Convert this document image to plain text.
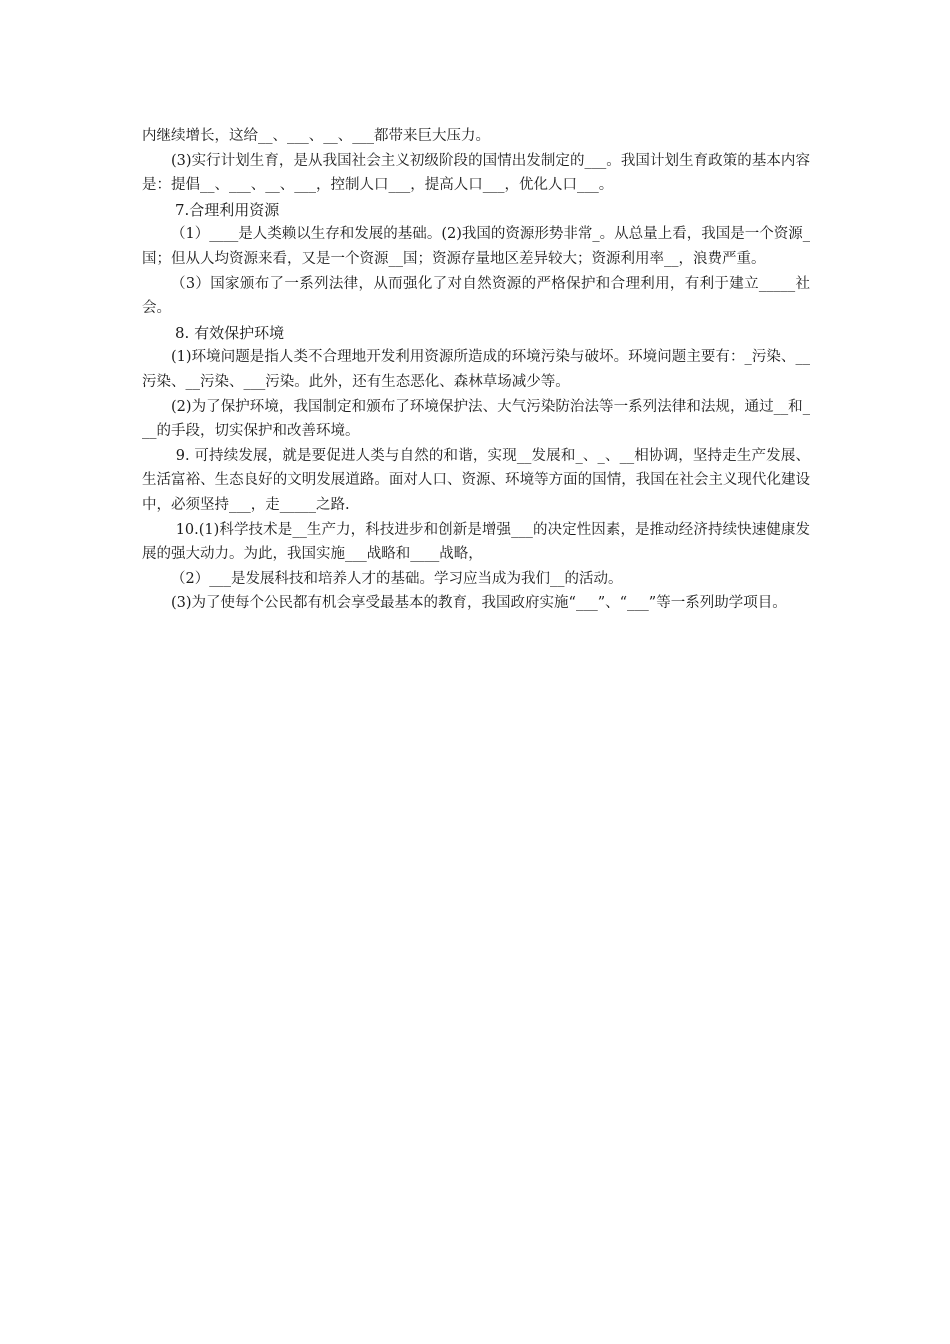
内继续增长，这给__、___、__、___都带来巨大压力。

(3)实行计划生育，是从我国社会主义初级阶段的国情出发制定的___。我国计划生育政策的基本内容是：提倡__、___、__、___，控制人口___，提高人口___，优化人口___。

7.合理利用资源

（1）____是人类赖以生存和发展的基础。(2)我国的资源形势非常_。从总量上看，我国是一个资源_国；但从人均资源来看，又是一个资源__国；资源存量地区差异较大；资源利用率__，浪费严重。

（3）国家颁布了一系列法律，从而强化了对自然资源的严格保护和合理利用，有利于建立_____社会。

8. 有效保护环境

(1)环境问题是指人类不合理地开发利用资源所造成的环境污染与破坏。环境问题主要有：_污染、__污染、__污染、___污染。此外，还有生态恶化、森林草场减少等。

(2)为了保护环境，我国制定和颁布了环境保护法、大气污染防治法等一系列法律和法规，通过__和___的手段，切实保护和改善环境。

9. 可持续发展，就是要促进人类与自然的和谐，实现__发展和_、_、__相协调，坚持走生产发展、生活富裕、生态良好的文明发展道路。面对人口、资源、环境等方面的国情，我国在社会主义现代化建设中，必须坚持___，走_____之路.

10.(1)科学技术是__生产力，科技进步和创新是增强___的决定性因素，是推动经济持续快速健康发展的强大动力。为此，我国实施___战略和____战略，

（2）___是发展科技和培养人才的基础。学习应当成为我们__的活动。

(3)为了使每个公民都有机会享受最基本的教育，我国政府实施“___”、“___”等一系列助学项目。
